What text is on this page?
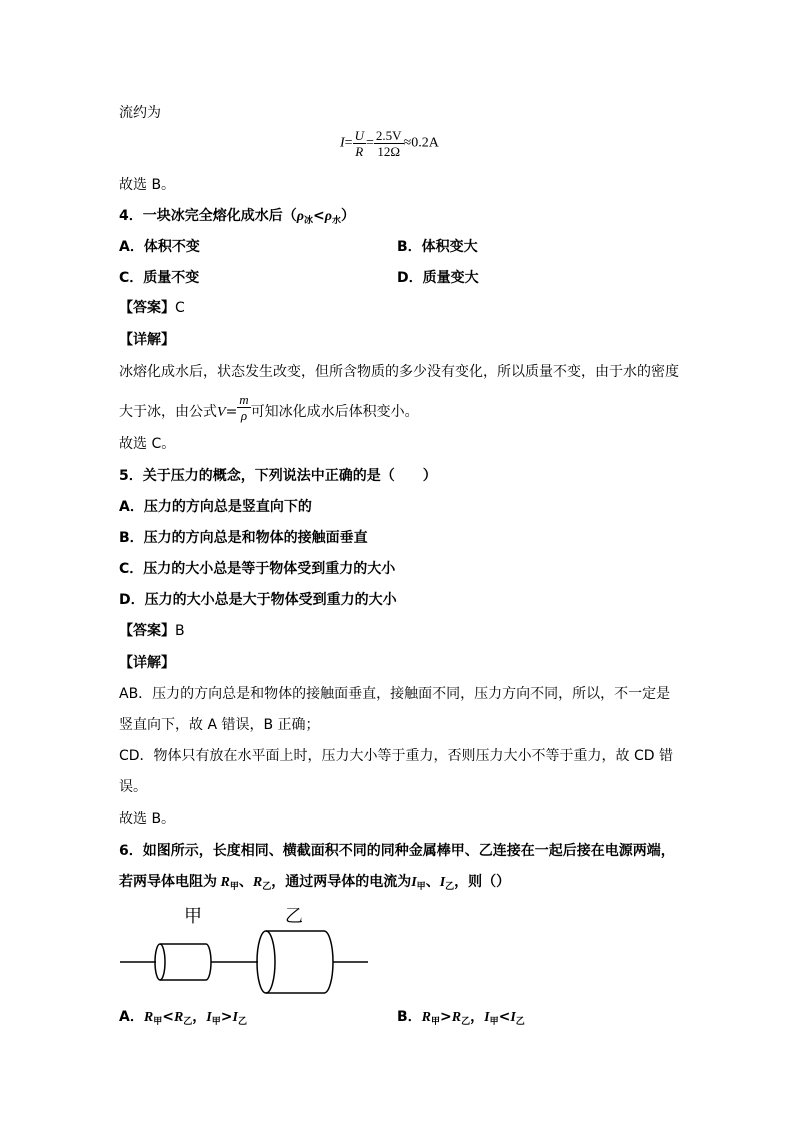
流约为
$I= \frac{U}{R} = \frac{2.5V}{12\Omega} \approx 0.2A$
故选 B。
4．一块冰完全熔化成水后$(\rho_冰<\rho_水)$
A．体积不变	B．体积变大
C．质量不变	D．质量变大
【答案】C
【详解】
冰熔化成水后，状态发生改变，但所含物质的多少没有变化，所以质量不变，由于水的密度
大于冰，由公式$V= \frac{m}{\rho}$ 可知冰化成水后体积变小。
故选 C。
5．关于压力的概念，下列说法中正确的是（　　）
A．压力的方向总是竖直向下的
B．压力的方向总是和物体的接触面垂直
C．压力的大小总是等于物体受到重力的大小
D．压力的大小总是大于物体受到重力的大小
【答案】B
【详解】
AB．压力的方向总是和物体的接触面垂直，接触面不同，压力方向不同，所以，不一定是
竖直向下，故 A 错误，B 正确；
CD．物体只有放在水平面上时，压力大小等于重力，否则压力大小不等于重力，故 CD 错
误。
故选 B。
6．如图所示，长度相同、横截面积不同的同种金属棒甲、乙连接在一起后接在电源两端，
若两导体电阻为 $R_甲$、$R_乙$，通过两导体的电流为$I_甲$、$I_乙$，则（）
甲	乙
A．$R_甲<R_乙$，$I_甲>I_乙$	B．$R_甲>R_乙$，$I_甲<I_乙$
